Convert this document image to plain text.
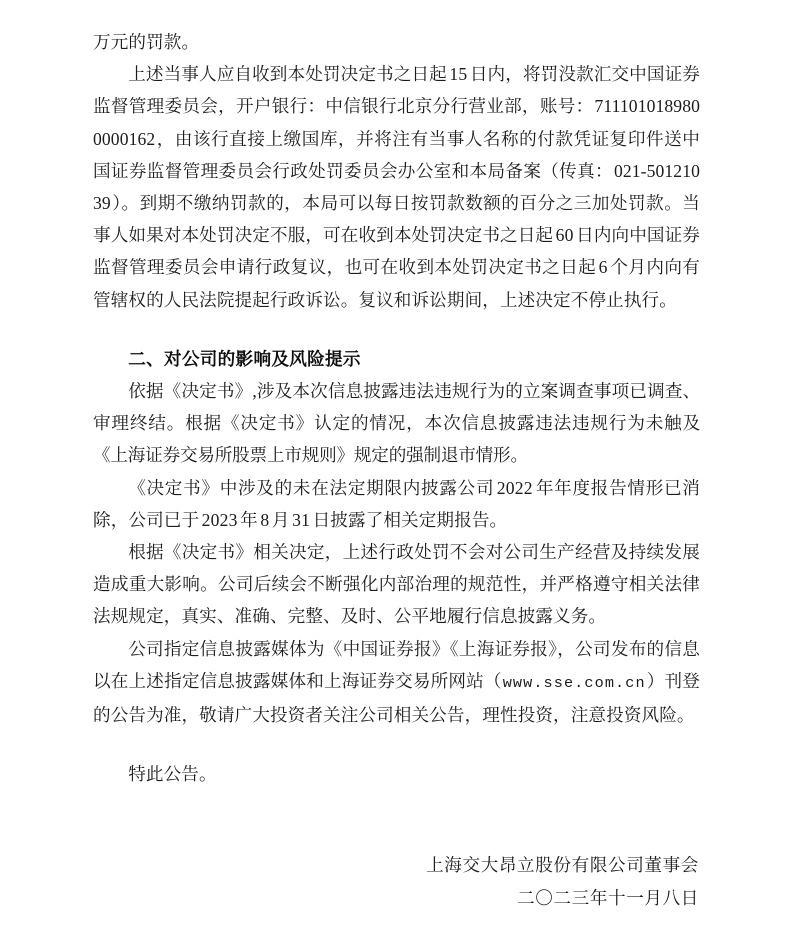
万元的罚款。

上述当事人应自收到本处罚决定书之日起 15 日内，将罚没款汇交中国证券监督管理委员会，开户银行：中信银行北京分行营业部，账号：7111010189800000162，由该行直接上缴国库，并将注有当事人名称的付款凭证复印件送中国证券监督管理委员会行政处罚委员会办公室和本局备案（传真：021-50121039）。到期不缴纳罚款的，本局可以每日按罚款数额的百分之三加处罚款。当事人如果对本处罚决定不服，可在收到本处罚决定书之日起 60 日内向中国证券监督管理委员会申请行政复议，也可在收到本处罚决定书之日起 6 个月内向有管辖权的人民法院提起行政诉讼。复议和诉讼期间，上述决定不停止执行。

二、对公司的影响及风险提示

依据《决定书》,涉及本次信息披露违法违规行为的立案调查事项已调查、审理终结。根据《决定书》认定的情况，本次信息披露违法违规行为未触及《上海证券交易所股票上市规则》规定的强制退市情形。

《决定书》中涉及的未在法定期限内披露公司 2022 年年度报告情形已消除，公司已于 2023 年 8 月 31 日披露了相关定期报告。

根据《决定书》相关决定，上述行政处罚不会对公司生产经营及持续发展造成重大影响。公司后续会不断强化内部治理的规范性，并严格遵守相关法律法规规定，真实、准确、完整、及时、公平地履行信息披露义务。

公司指定信息披露媒体为《中国证券报》《上海证券报》，公司发布的信息以在上述指定信息披露媒体和上海证券交易所网站（www.sse.com.cn）刊登的公告为准，敬请广大投资者关注公司相关公告，理性投资，注意投资风险。

特此公告。

上海交大昂立股份有限公司董事会

二〇二三年十一月八日
